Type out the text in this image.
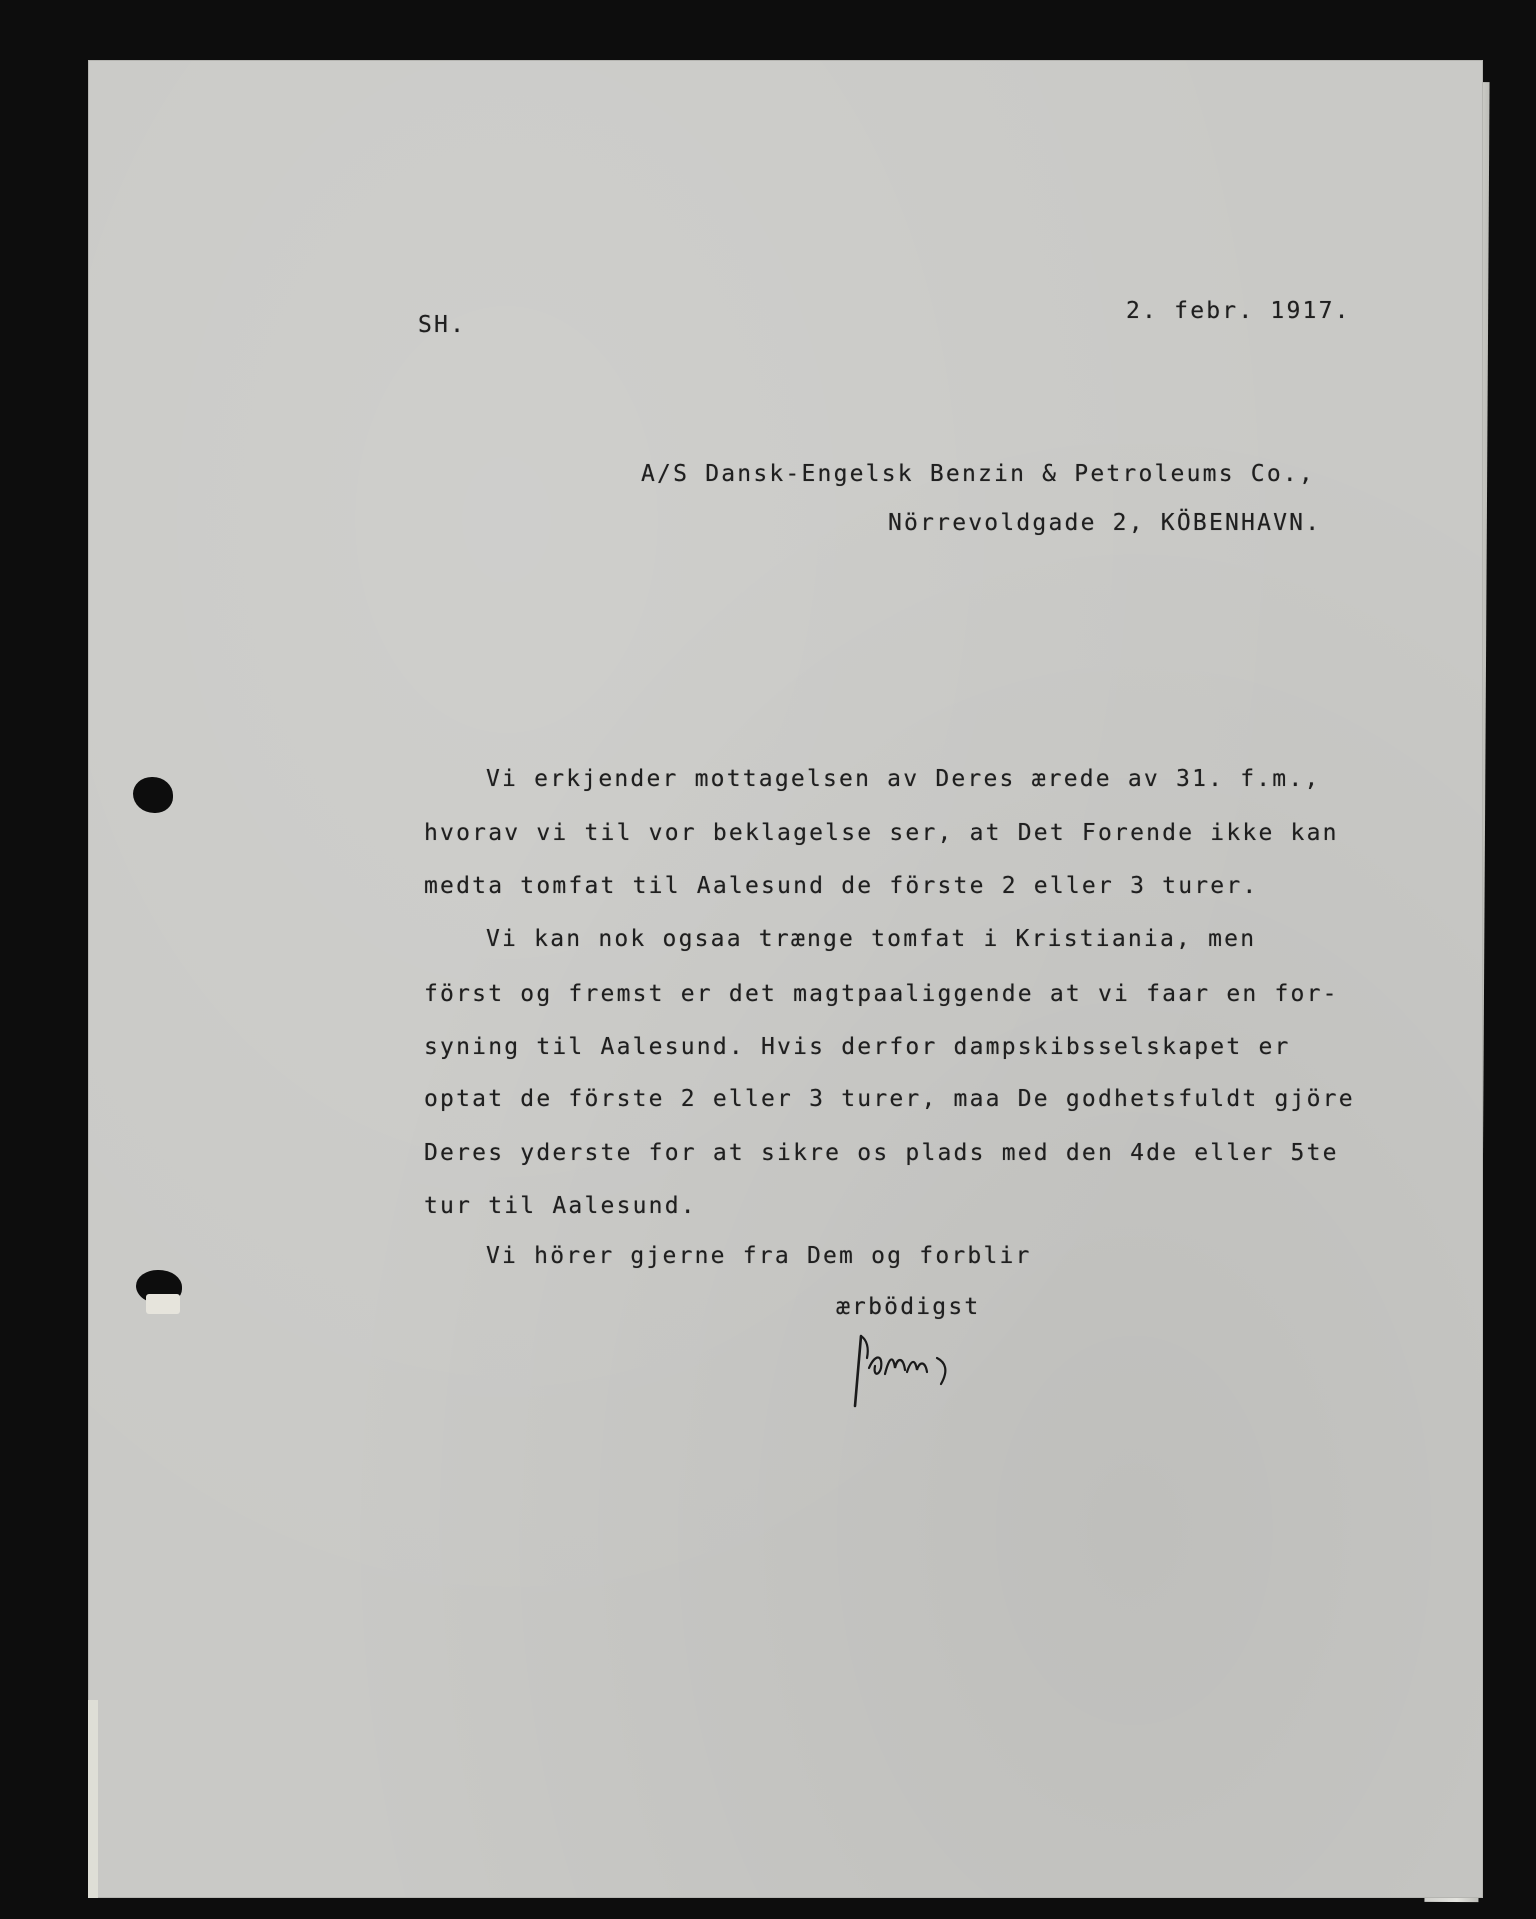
SH.
2. febr. 1917.
A/S Dansk-Engelsk Benzin & Petroleums Co.,
Nörrevoldgade 2, KÖBENHAVN.
Vi erkjender mottagelsen av Deres ærede av 31. f.m.,
hvorav vi til vor beklagelse ser, at Det Forende ikke kan
medta tomfat til Aalesund de förste 2 eller 3 turer.
Vi kan nok ogsaa trænge tomfat i Kristiania, men
först og fremst er det magtpaaliggende at vi faar en for-
syning til Aalesund. Hvis derfor dampskibsselskapet er
optat de förste 2 eller 3 turer, maa De godhetsfuldt gjöre
Deres yderste for at sikre os plads med den 4de eller 5te
tur til Aalesund.
Vi hörer gjerne fra Dem og forblir
ærbödigst
